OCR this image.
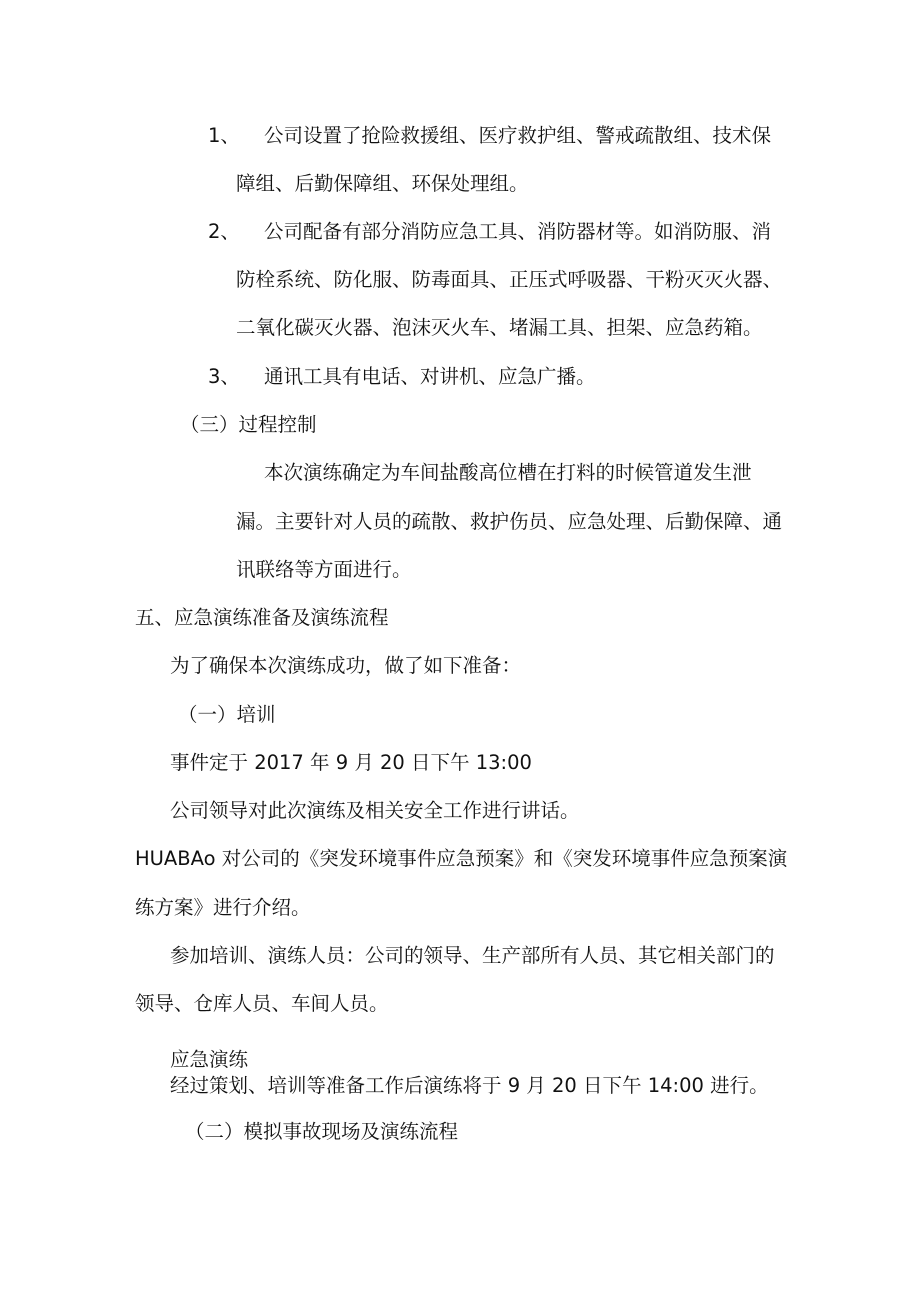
1、 公司设置了抢险救援组、医疗救护组、警戒疏散组、技术保

障组、后勤保障组、环保处理组。

2、 公司配备有部分消防应急工具、消防器材等。如消防服、消

防栓系统、防化服、防毒面具、正压式呼吸器、干粉灭灭火器、

二氧化碳灭火器、泡沫灭火车、堵漏工具、担架、应急药箱。

3、 通讯工具有电话、对讲机、应急广播。

（三）过程控制

本次演练确定为车间盐酸高位槽在打料的时候管道发生泄

漏。主要针对人员的疏散、救护伤员、应急处理、后勤保障、通

讯联络等方面进行。

五、应急演练准备及演练流程

为了确保本次演练成功，做了如下准备：

（一）培训

事件定于 2017 年 9 月 20 日下午 13:00

公司领导对此次演练及相关安全工作进行讲话。

HUABAo 对公司的《突发环境事件应急预案》和《突发环境事件应急预案演

练方案》进行介绍。

参加培训、演练人员：公司的领导、生产部所有人员、其它相关部门的

领导、仓库人员、车间人员。

应急演练

经过策划、培训等准备工作后演练将于 9 月 20 日下午 14:00 进行。

（二）模拟事故现场及演练流程
